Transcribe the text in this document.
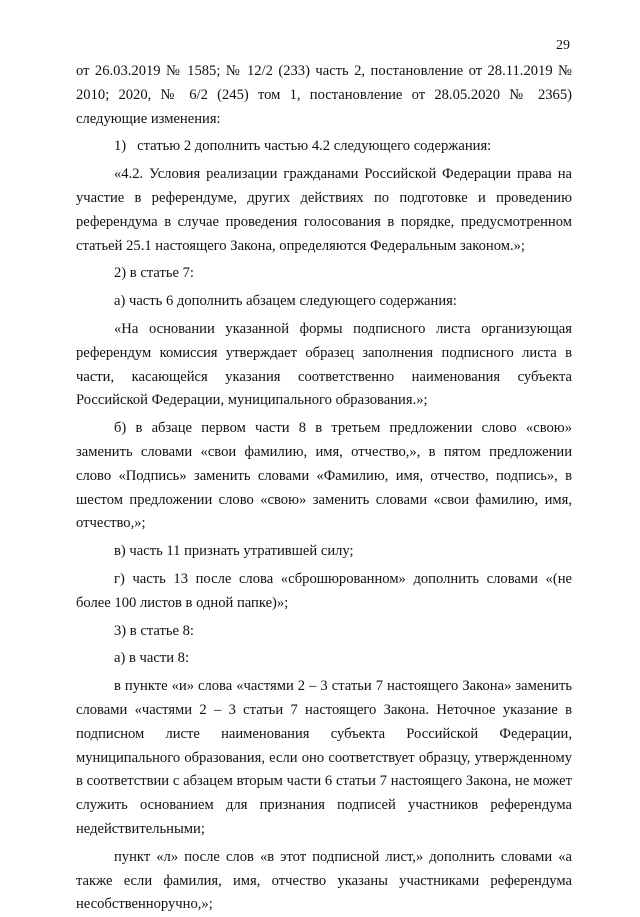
29

от 26.03.2019 № 1585; № 12/2 (233) часть 2, постановление от 28.11.2019 № 2010; 2020, № 6/2 (245) том 1, постановление от 28.05.2020 № 2365) следующие изменения:

1)   статью 2 дополнить частью 4.2 следующего содержания:

«4.2. Условия реализации гражданами Российской Федерации права на участие в референдуме, других действиях по подготовке и проведению референдума в случае проведения голосования в порядке, предусмотренном статьей 25.1 настоящего Закона, определяются Федеральным законом.»;

2) в статье 7:

а) часть 6 дополнить абзацем следующего содержания:

«На основании указанной формы подписного листа организующая референдум комиссия утверждает образец заполнения подписного листа в части, касающейся указания соответственно наименования субъекта Российской Федерации, муниципального образования.»;

б) в абзаце первом части 8 в третьем предложении слово «свою» заменить словами «свои фамилию, имя, отчество,», в пятом предложении слово «Подпись» заменить словами «Фамилию, имя, отчество, подпись», в шестом предложении слово «свою» заменить словами «свои фамилию, имя, отчество,»;

в) часть 11 признать утратившей силу;

г) часть 13 после слова «сброшюрованном» дополнить словами «(не более 100 листов в одной папке)»;

3) в статье 8:

а) в части 8:

в пункте «и» слова «частями 2 – 3 статьи 7 настоящего Закона» заменить словами «частями 2 – 3 статьи 7 настоящего Закона. Неточное указание в подписном листе наименования субъекта Российской Федерации, муниципального образования, если оно соответствует образцу, утвержденному в соответствии с абзацем вторым части 6 статьи 7 настоящего Закона, не может служить основанием для признания подписей участников референдума недействительными;

пункт «л» после слов «в этот подписной лист,» дополнить словами «а также если фамилия, имя, отчество указаны участниками референдума несобственноручно,»;
